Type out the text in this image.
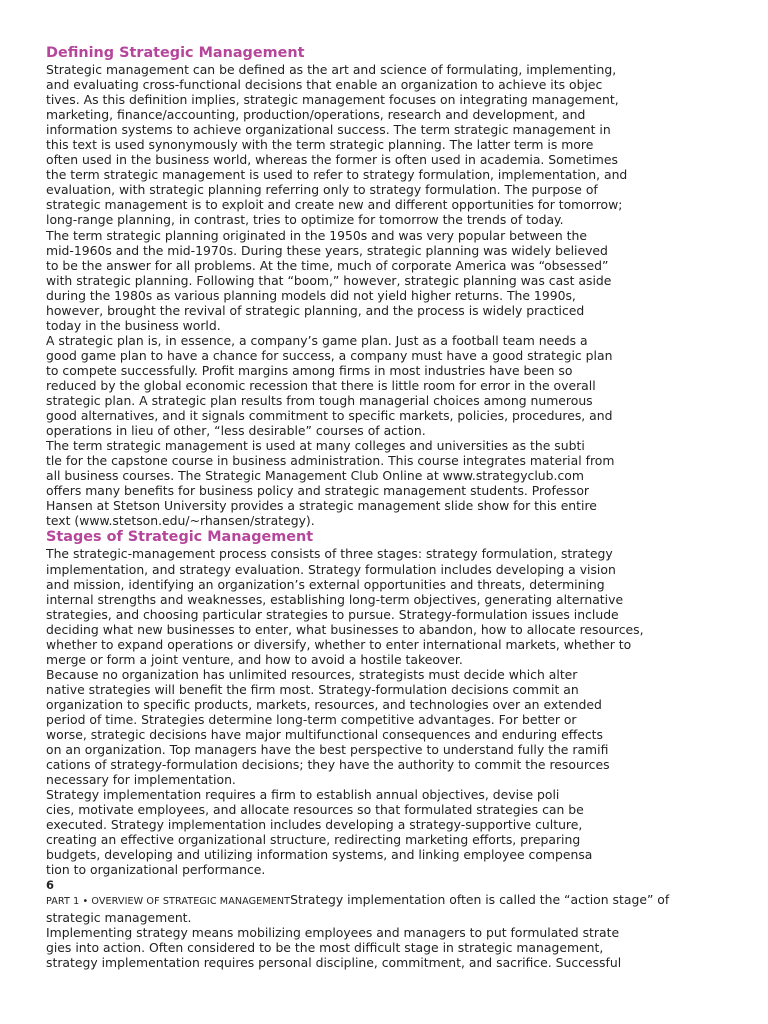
Defining Strategic Management
Strategic management can be defined as the art and science of formulating, implementing,
and evaluating cross-functional decisions that enable an organization to achieve its objec
tives. As this definition implies, strategic management focuses on integrating management,
marketing, finance/accounting, production/operations, research and development, and
information systems to achieve organizational success. The term strategic management in
this text is used synonymously with the term strategic planning. The latter term is more
often used in the business world, whereas the former is often used in academia. Sometimes
the term strategic management is used to refer to strategy formulation, implementation, and
evaluation, with strategic planning referring only to strategy formulation. The purpose of
strategic management is to exploit and create new and different opportunities for tomorrow;
long-range planning, in contrast, tries to optimize for tomorrow the trends of today.
The term strategic planning originated in the 1950s and was very popular between the
mid-1960s and the mid-1970s. During these years, strategic planning was widely believed
to be the answer for all problems. At the time, much of corporate America was “obsessed”
with strategic planning. Following that “boom,” however, strategic planning was cast aside
during the 1980s as various planning models did not yield higher returns. The 1990s,
however, brought the revival of strategic planning, and the process is widely practiced
today in the business world.
A strategic plan is, in essence, a company’s game plan. Just as a football team needs a
good game plan to have a chance for success, a company must have a good strategic plan
to compete successfully. Profit margins among firms in most industries have been so
reduced by the global economic recession that there is little room for error in the overall
strategic plan. A strategic plan results from tough managerial choices among numerous
good alternatives, and it signals commitment to specific markets, policies, procedures, and
operations in lieu of other, “less desirable” courses of action.
The term strategic management is used at many colleges and universities as the subti
tle for the capstone course in business administration. This course integrates material from
all business courses. The Strategic Management Club Online at www.strategyclub.com
offers many benefits for business policy and strategic management students. Professor
Hansen at Stetson University provides a strategic management slide show for this entire
text (www.stetson.edu/~rhansen/strategy).
Stages of Strategic Management
The strategic-management process consists of three stages: strategy formulation, strategy
implementation, and strategy evaluation. Strategy formulation includes developing a vision
and mission, identifying an organization’s external opportunities and threats, determining
internal strengths and weaknesses, establishing long-term objectives, generating alternative
strategies, and choosing particular strategies to pursue. Strategy-formulation issues include
deciding what new businesses to enter, what businesses to abandon, how to allocate resources,
whether to expand operations or diversify, whether to enter international markets, whether to
merge or form a joint venture, and how to avoid a hostile takeover.
Because no organization has unlimited resources, strategists must decide which alter
native strategies will benefit the firm most. Strategy-formulation decisions commit an
organization to specific products, markets, resources, and technologies over an extended
period of time. Strategies determine long-term competitive advantages. For better or
worse, strategic decisions have major multifunctional consequences and enduring effects
on an organization. Top managers have the best perspective to understand fully the ramifi
cations of strategy-formulation decisions; they have the authority to commit the resources
necessary for implementation.
Strategy implementation requires a firm to establish annual objectives, devise poli
cies, motivate employees, and allocate resources so that formulated strategies can be
executed. Strategy implementation includes developing a strategy-supportive culture,
creating an effective organizational structure, redirecting marketing efforts, preparing
budgets, developing and utilizing information systems, and linking employee compensa
tion to organizational performance.
6
PART 1 • OVERVIEW OF STRATEGIC MANAGEMENTStrategy implementation often is called the “action stage” of
strategic management.
Implementing strategy means mobilizing employees and managers to put formulated strate
gies into action. Often considered to be the most difficult stage in strategic management,
strategy implementation requires personal discipline, commitment, and sacrifice. Successful
